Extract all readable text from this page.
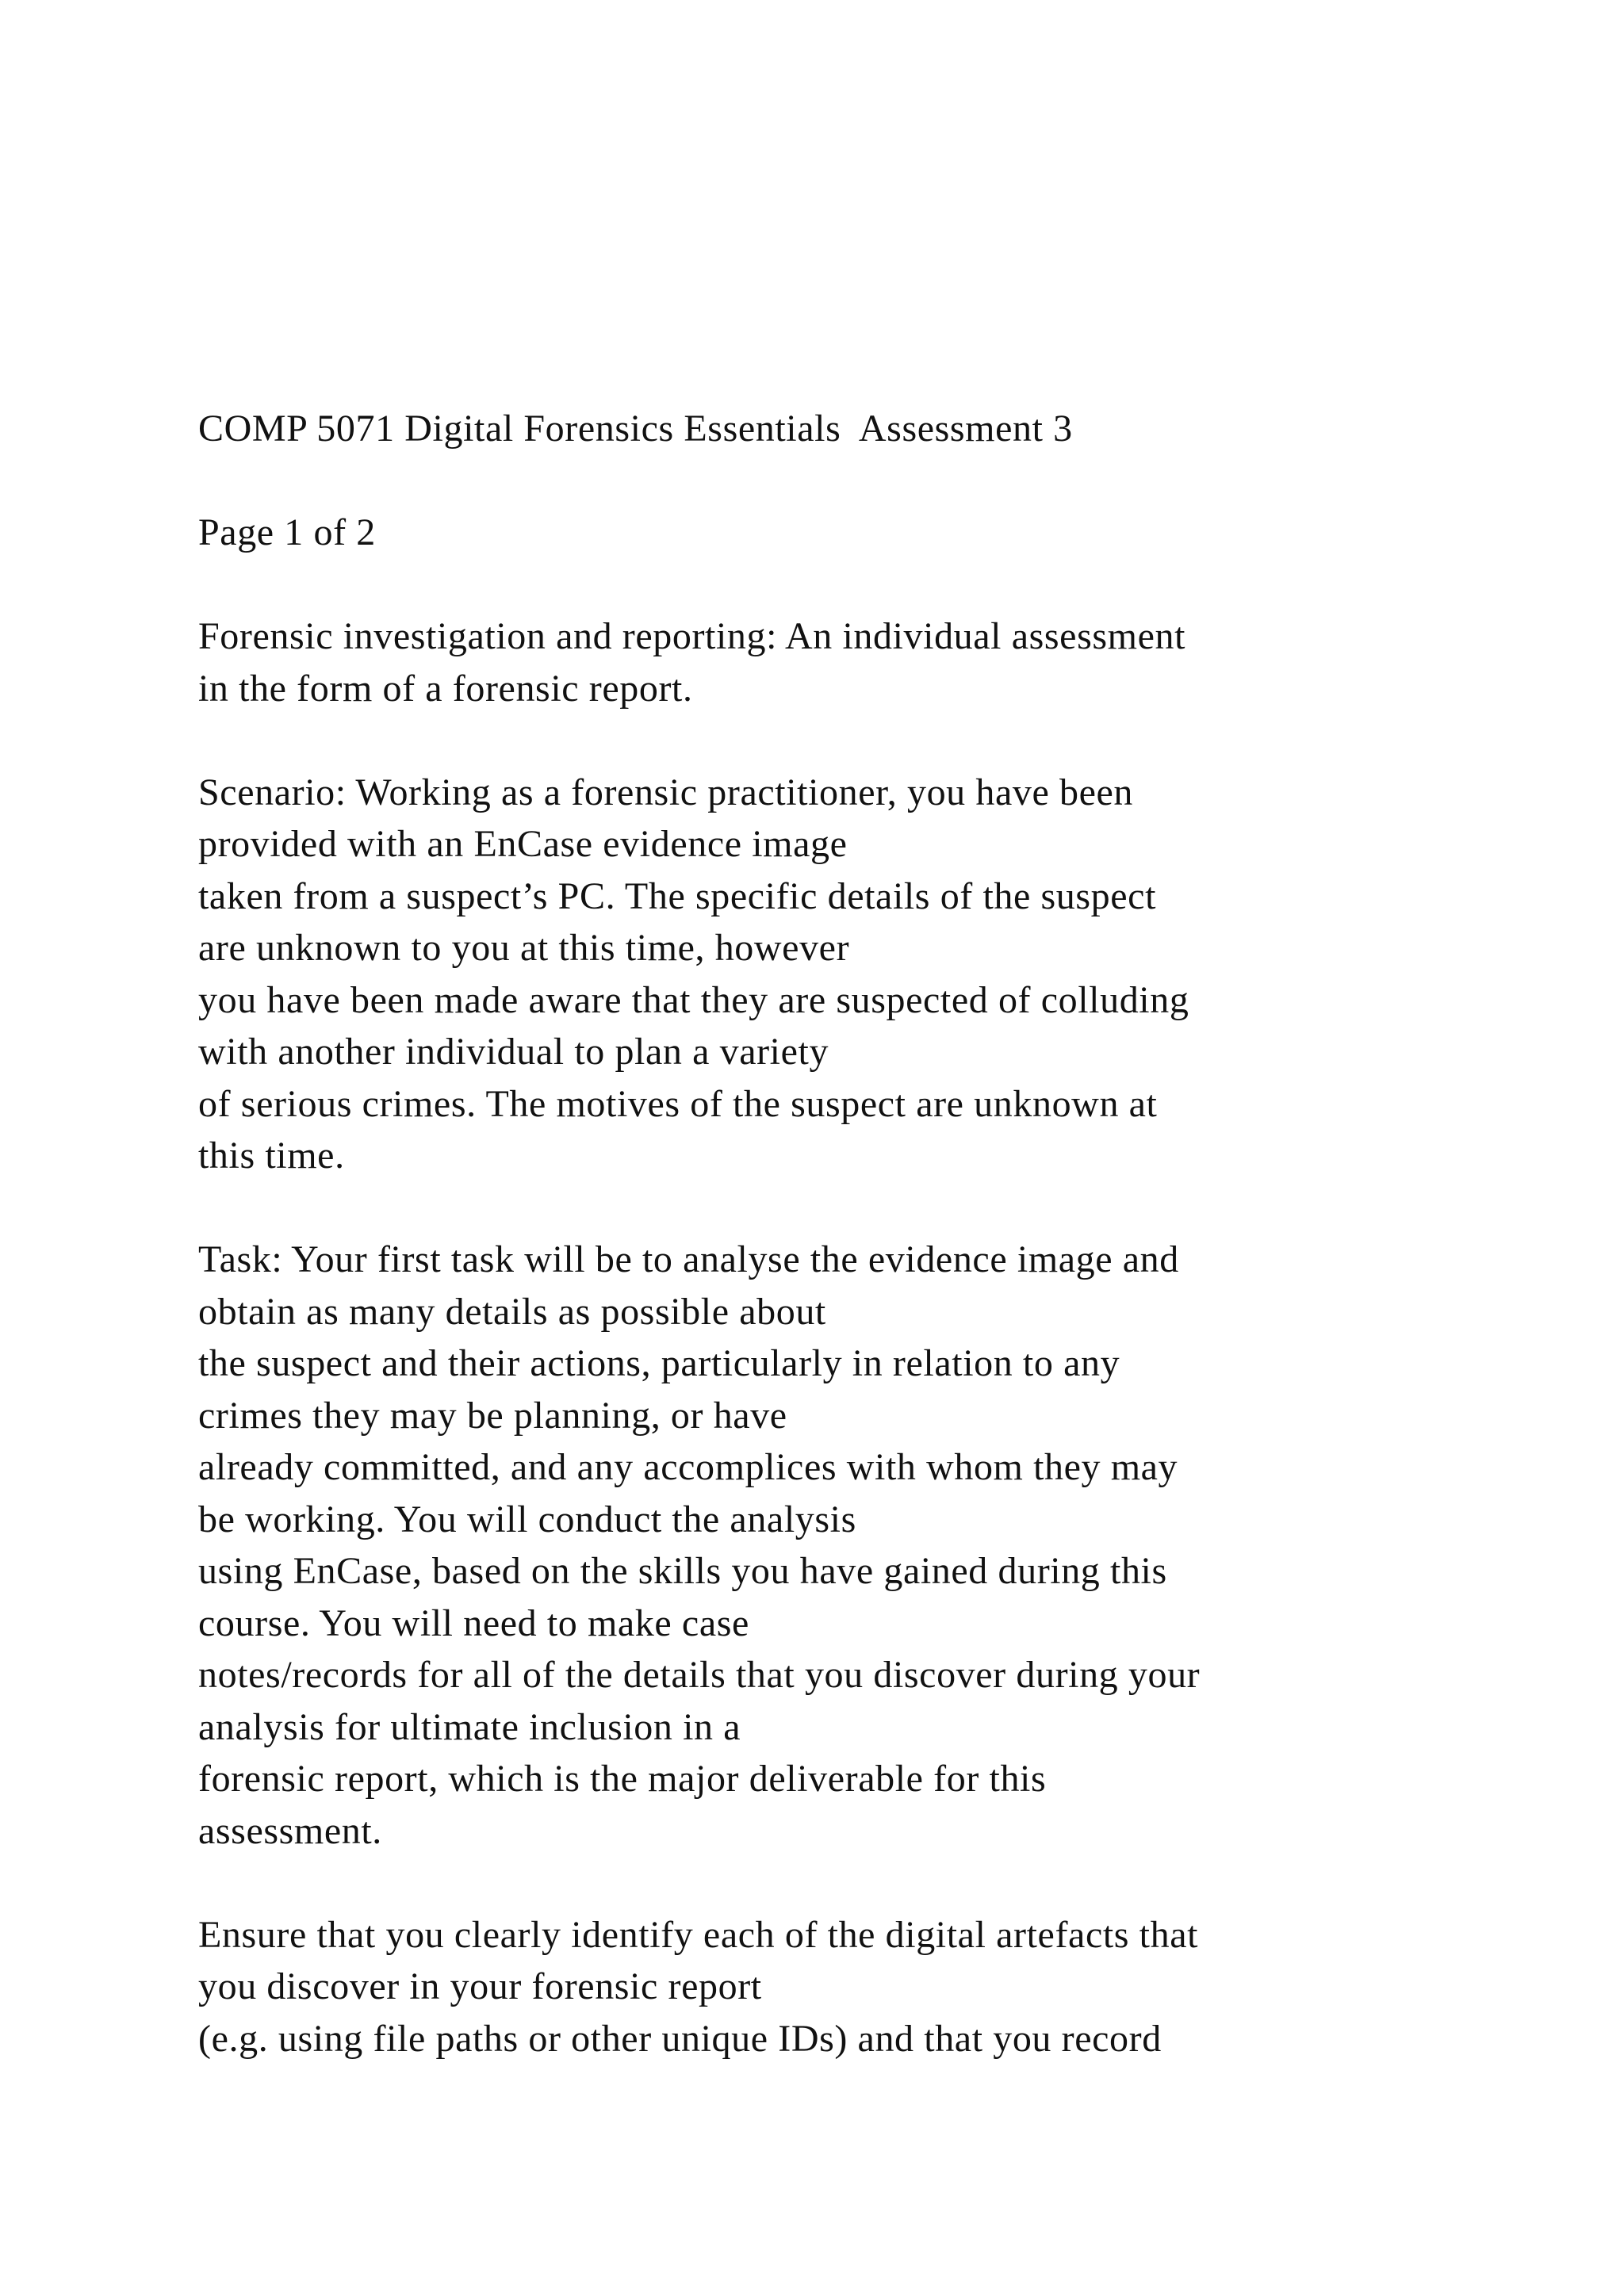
COMP 5071 Digital Forensics Essentials  Assessment 3
Page 1 of 2
Forensic investigation and reporting: An individual assessment
in the form of a forensic report.
Scenario: Working as a forensic practitioner, you have been
provided with an EnCase evidence image
taken from a suspect’s PC. The specific details of the suspect
are unknown to you at this time, however
you have been made aware that they are suspected of colluding
with another individual to plan a variety
of serious crimes. The motives of the suspect are unknown at
this time.
Task: Your first task will be to analyse the evidence image and
obtain as many details as possible about
the suspect and their actions, particularly in relation to any
crimes they may be planning, or have
already committed, and any accomplices with whom they may
be working. You will conduct the analysis
using EnCase, based on the skills you have gained during this
course. You will need to make case
notes/records for all of the details that you discover during your
analysis for ultimate inclusion in a
forensic report, which is the major deliverable for this
assessment.
Ensure that you clearly identify each of the digital artefacts that
you discover in your forensic report
(e.g. using file paths or other unique IDs) and that you record
